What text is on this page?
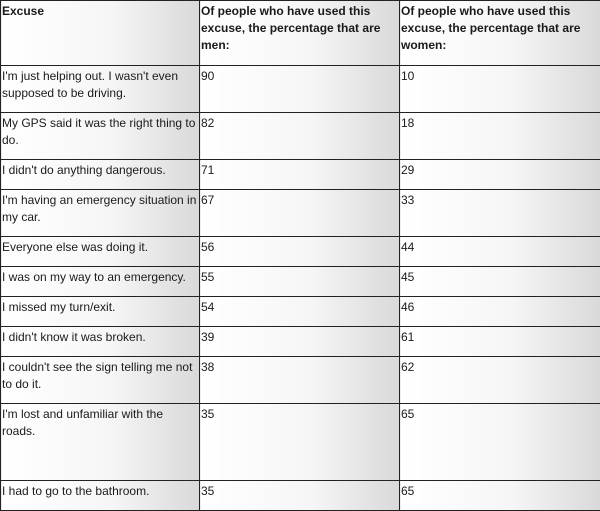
Excuse	Of people who have used this excuse, the percentage that are men:	Of people who have used this excuse, the percentage that are women:
I'm just helping out. I wasn't even supposed to be driving.	90	10
My GPS said it was the right thing to do.	82	18
I didn't do anything dangerous.	71	29
I'm having an emergency situation in my car.	67	33
Everyone else was doing it.	56	44
I was on my way to an emergency.	55	45
I missed my turn/exit.	54	46
I didn't know it was broken.	39	61
I couldn't see the sign telling me not to do it.	38	62
I'm lost and unfamiliar with the roads.	35	65
I had to go to the bathroom.	35	65
